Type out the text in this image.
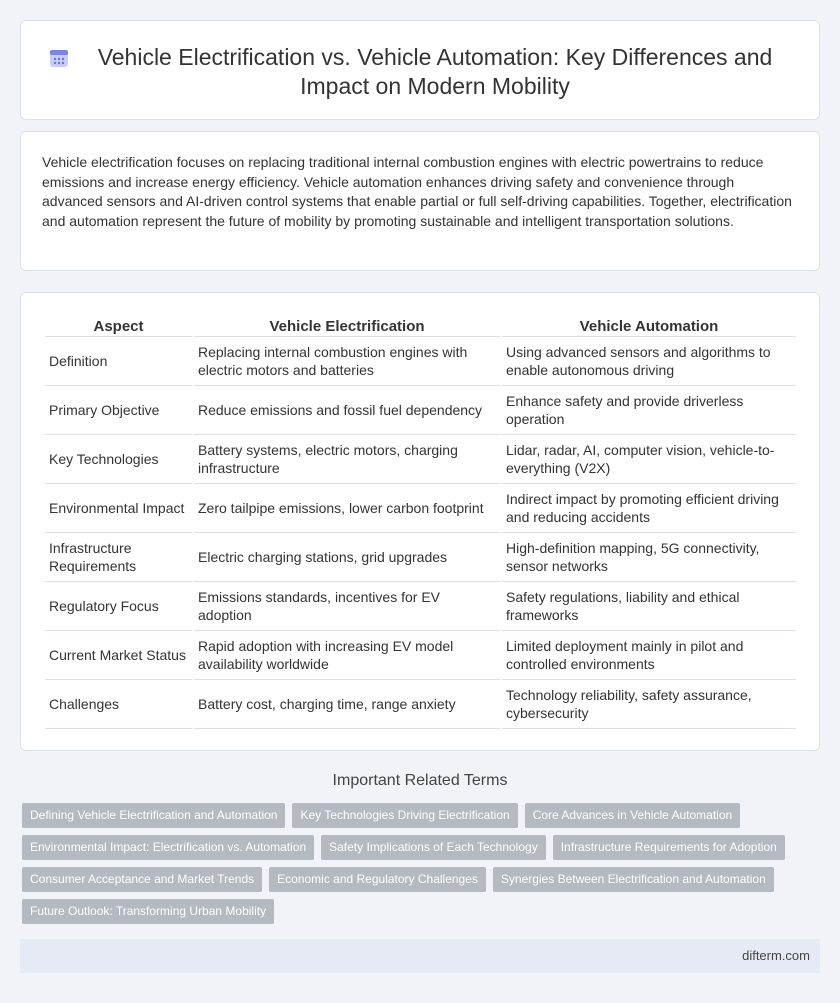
Vehicle Electrification vs. Vehicle Automation: Key Differences and Impact on Modern Mobility

Vehicle electrification focuses on replacing traditional internal combustion engines with electric powertrains to reduce emissions and increase energy efficiency. Vehicle automation enhances driving safety and convenience through advanced sensors and AI-driven control systems that enable partial or full self-driving capabilities. Together, electrification and automation represent the future of mobility by promoting sustainable and intelligent transportation solutions.

Aspect	Vehicle Electrification	Vehicle Automation
Definition	Replacing internal combustion engines with electric motors and batteries	Using advanced sensors and algorithms to enable autonomous driving
Primary Objective	Reduce emissions and fossil fuel dependency	Enhance safety and provide driverless operation
Key Technologies	Battery systems, electric motors, charging infrastructure	Lidar, radar, AI, computer vision, vehicle-to-everything (V2X)
Environmental Impact	Zero tailpipe emissions, lower carbon footprint	Indirect impact by promoting efficient driving and reducing accidents
Infrastructure Requirements	Electric charging stations, grid upgrades	High-definition mapping, 5G connectivity, sensor networks
Regulatory Focus	Emissions standards, incentives for EV adoption	Safety regulations, liability and ethical frameworks
Current Market Status	Rapid adoption with increasing EV model availability worldwide	Limited deployment mainly in pilot and controlled environments
Challenges	Battery cost, charging time, range anxiety	Technology reliability, safety assurance, cybersecurity
Important Related Terms
Defining Vehicle Electrification and Automation	Key Technologies Driving Electrification	Core Advances in Vehicle Automation
Environmental Impact: Electrification vs. Automation	Safety Implications of Each Technology	Infrastructure Requirements for Adoption
Consumer Acceptance and Market Trends	Economic and Regulatory Challenges	Synergies Between Electrification and Automation
Future Outlook: Transforming Urban Mobility
difterm.com
